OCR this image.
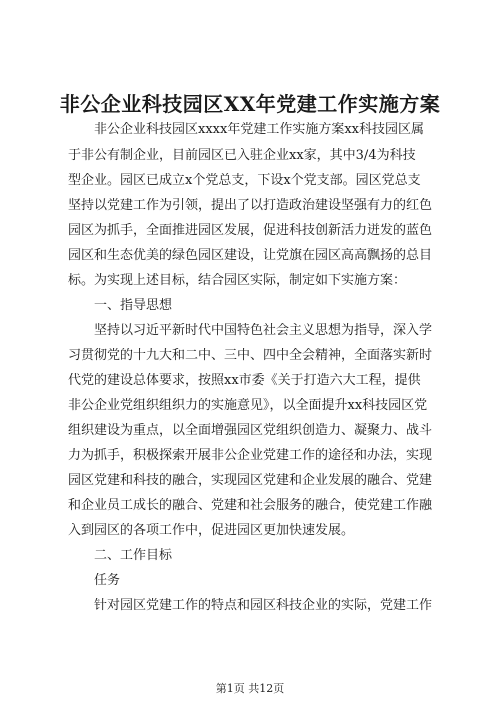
非公企业科技园区XX年党建工作实施方案
非公企业科技园区xxxx年党建工作实施方案xx科技园区属
于非公有制企业，目前园区已入驻企业xx家，其中3/4为科技
型企业。园区已成立x个党总支，下设x个党支部。园区党总支
坚持以党建工作为引领，提出了以打造政治建设坚强有力的红色
园区为抓手，全面推进园区发展，促进科技创新活力迸发的蓝色
园区和生态优美的绿色园区建设，让党旗在园区高高飘扬的总目
标。为实现上述目标，结合园区实际，制定如下实施方案：
一、指导思想
坚持以习近平新时代中国特色社会主义思想为指导，深入学
习贯彻党的十九大和二中、三中、四中全会精神，全面落实新时
代党的建设总体要求，按照xx市委《关于打造六大工程，提供
非公企业党组织组织力的实施意见》，以全面提升xx科技园区党
组织建设为重点，以全面增强园区党组织创造力、凝聚力、战斗
力为抓手，积极探索开展非公企业党建工作的途径和办法，实现
园区党建和科技的融合，实现园区党建和企业发展的融合、党建
和企业员工成长的融合、党建和社会服务的融合，使党建工作融
入到园区的各项工作中，促进园区更加快速发展。
二、工作目标
任务
针对园区党建工作的特点和园区科技企业的实际，党建工作
第1页 共12页
